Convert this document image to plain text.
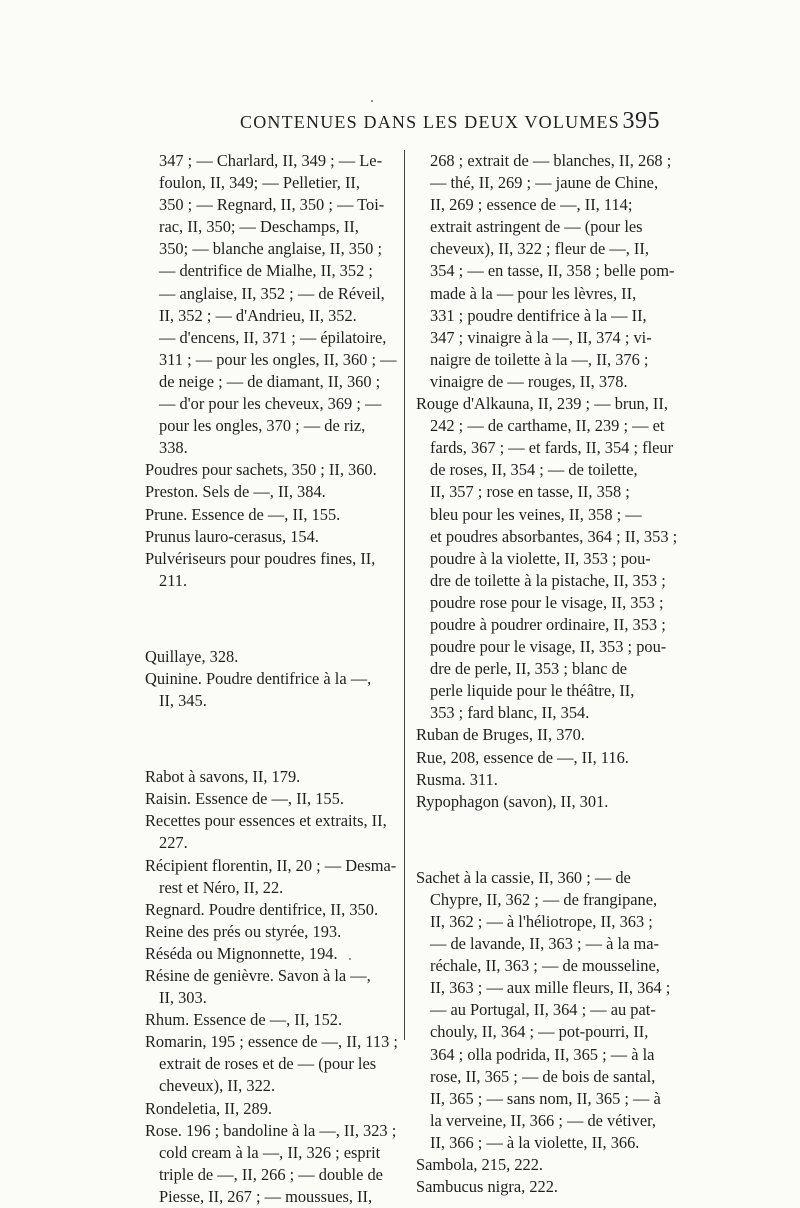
CONTENUES DANS LES DEUX VOLUMES 395
347 ; — Charlard, II, 349 ; — Le-
foulon, II, 349; — Pelletier, II,
350 ; — Regnard, II, 350 ; — Toi-
rac, II, 350; — Deschamps, II,
350; — blanche anglaise, II, 350 ;
— dentrifice de Mialhe, II, 352 ;
— anglaise, II, 352 ; — de Réveil,
II, 352 ; — d'Andrieu, II, 352.
— d'encens, II, 371 ; — épilatoire,
311 ; — pour les ongles, II, 360 ; —
de neige ; — de diamant, II, 360 ;
— d'or pour les cheveux, 369 ; —
pour les ongles, 370 ; — de riz,
338.
Poudres pour sachets, 350 ; II, 360.
Preston. Sels de —, II, 384.
Prune. Essence de —, II, 155.
Prunus lauro-cerasus, 154.
Pulvériseurs pour poudres fines, II,
211.
Quillaye, 328.
Quinine. Poudre dentifrice à la —,
II, 345.
Rabot à savons, II, 179.
Raisin. Essence de —, II, 155.
Recettes pour essences et extraits, II,
227.
Récipient florentin, II, 20 ; — Desma-
rest et Néro, II, 22.
Regnard. Poudre dentifrice, II, 350.
Reine des prés ou styrée, 193.
Réséda ou Mignonnette, 194.
Résine de genièvre. Savon à la —,
II, 303.
Rhum. Essence de —, II, 152.
Romarin, 195 ; essence de —, II, 113 ;
extrait de roses et de — (pour les
cheveux), II, 322.
Rondeletia, II, 289.
Rose. 196 ; bandoline à la —, II, 323 ;
cold cream à la —, II, 326 ; esprit
triple de —, II, 266 ; — double de
Piesse, II, 267 ; — moussues, II,
268 ; extrait de — blanches, II, 268 ;
— thé, II, 269 ; — jaune de Chine,
II, 269 ; essence de —, II, 114;
extrait astringent de — (pour les
cheveux), II, 322 ; fleur de —, II,
354 ; — en tasse, II, 358 ; belle pom-
made à la — pour les lèvres, II,
331 ; poudre dentifrice à la — II,
347 ; vinaigre à la —, II, 374 ; vi-
naigre de toilette à la —, II, 376 ;
vinaigre de — rouges, II, 378.
Rouge d'Alkauna, II, 239 ; — brun, II,
242 ; — de carthame, II, 239 ; — et
fards, 367 ; — et fards, II, 354 ; fleur
de roses, II, 354 ; — de toilette,
II, 357 ; rose en tasse, II, 358 ;
bleu pour les veines, II, 358 ; —
et poudres absorbantes, 364 ; II, 353 ;
poudre à la violette, II, 353 ; pou-
dre de toilette à la pistache, II, 353 ;
poudre rose pour le visage, II, 353 ;
poudre à poudrer ordinaire, II, 353 ;
poudre pour le visage, II, 353 ; pou-
dre de perle, II, 353 ; blanc de
perle liquide pour le théâtre, II,
353 ; fard blanc, II, 354.
Ruban de Bruges, II, 370.
Rue, 208, essence de —, II, 116.
Rusma. 311.
Rypophagon (savon), II, 301.
Sachet à la cassie, II, 360 ; — de
Chypre, II, 362 ; — de frangipane,
II, 362 ; — à l'héliotrope, II, 363 ;
— de lavande, II, 363 ; — à la ma-
réchale, II, 363 ; — de mousseline,
II, 363 ; — aux mille fleurs, II, 364 ;
— au Portugal, II, 364 ; — au pat-
chouly, II, 364 ; — pot-pourri, II,
364 ; olla podrida, II, 365 ; — à la
rose, II, 365 ; — de bois de santal,
II, 365 ; — sans nom, II, 365 ; — à
la verveine, II, 366 ; — de vétiver,
II, 366 ; — à la violette, II, 366.
Sambola, 215, 222.
Sambucus nigra, 222.
